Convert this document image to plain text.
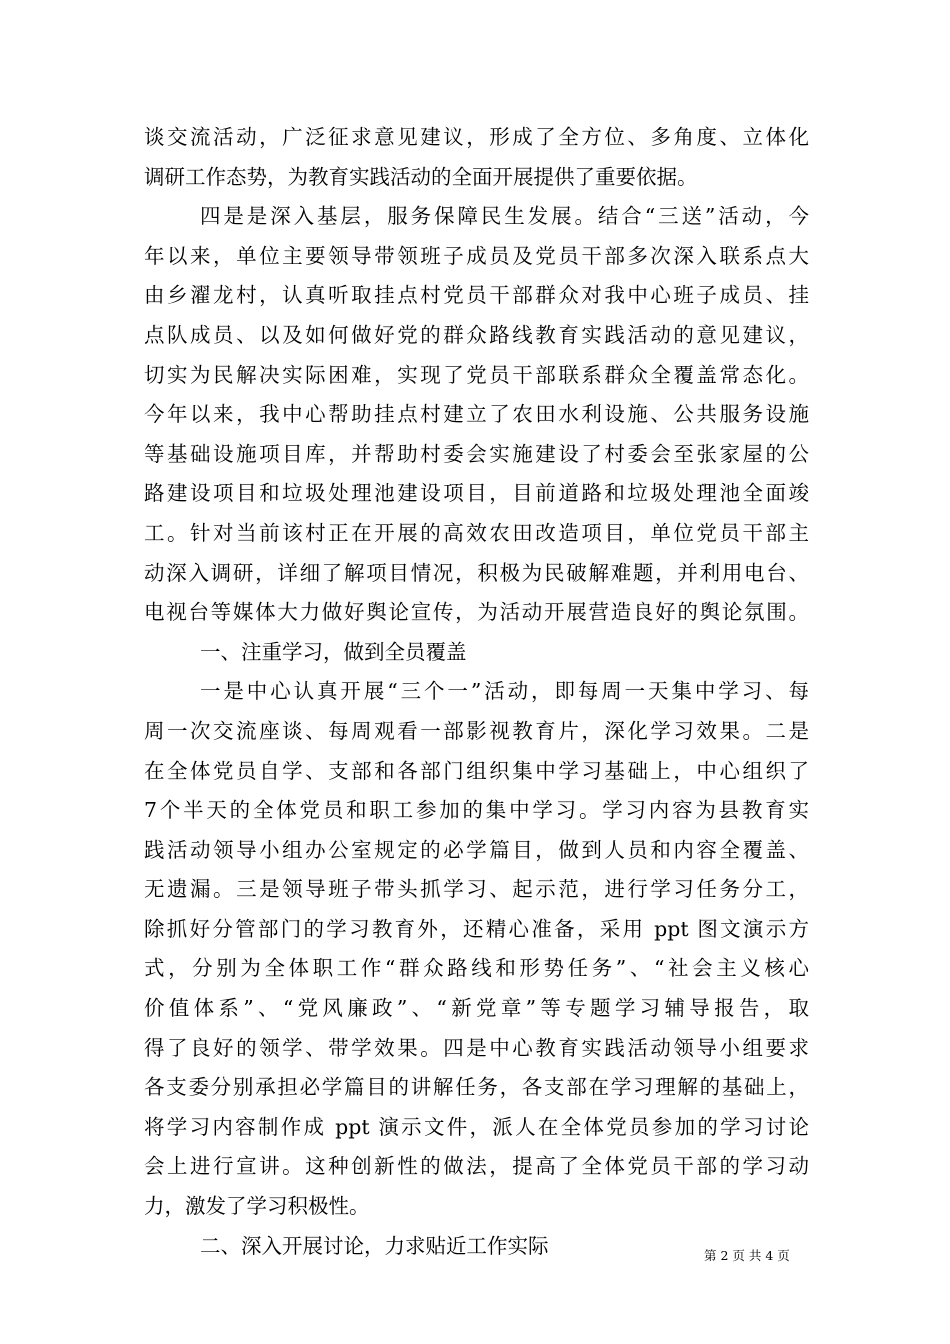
谈交流活动，广泛征求意见建议，形成了全方位、多角度、立体化
调研工作态势，为教育实践活动的全面开展提供了重要依据。
四是是深入基层，服务保障民生发展。结合“三送”活动，今
年以来，单位主要领导带领班子成员及党员干部多次深入联系点大
由乡濯龙村，认真听取挂点村党员干部群众对我中心班子成员、挂
点队成员、以及如何做好党的群众路线教育实践活动的意见建议，
切实为民解决实际困难，实现了党员干部联系群众全覆盖常态化。
今年以来，我中心帮助挂点村建立了农田水利设施、公共服务设施
等基础设施项目库，并帮助村委会实施建设了村委会至张家屋的公
路建设项目和垃圾处理池建设项目，目前道路和垃圾处理池全面竣
工。针对当前该村正在开展的高效农田改造项目，单位党员干部主
动深入调研，详细了解项目情况，积极为民破解难题，并利用电台、
电视台等媒体大力做好舆论宣传，为活动开展营造良好的舆论氛围。
一、注重学习，做到全员覆盖
一是中心认真开展“三个一”活动，即每周一天集中学习、每
周一次交流座谈、每周观看一部影视教育片，深化学习效果。二是
在全体党员自学、支部和各部门组织集中学习基础上，中心组织了
7个半天的全体党员和职工参加的集中学习。学习内容为县教育实
践活动领导小组办公室规定的必学篇目，做到人员和内容全覆盖、
无遗漏。三是领导班子带头抓学习、起示范，进行学习任务分工，
除抓好分管部门的学习教育外，还精心准备，采用 ppt 图文演示方
式，分别为全体职工作“群众路线和形势任务”、“社会主义核心
价值体系”、“党风廉政”、“新党章”等专题学习辅导报告，取
得了良好的领学、带学效果。四是中心教育实践活动领导小组要求
各支委分别承担必学篇目的讲解任务，各支部在学习理解的基础上，
将学习内容制作成 ppt 演示文件，派人在全体党员参加的学习讨论
会上进行宣讲。这种创新性的做法，提高了全体党员干部的学习动
力，激发了学习积极性。
二、深入开展讨论，力求贴近工作实际	第 2 页 共 4 页
